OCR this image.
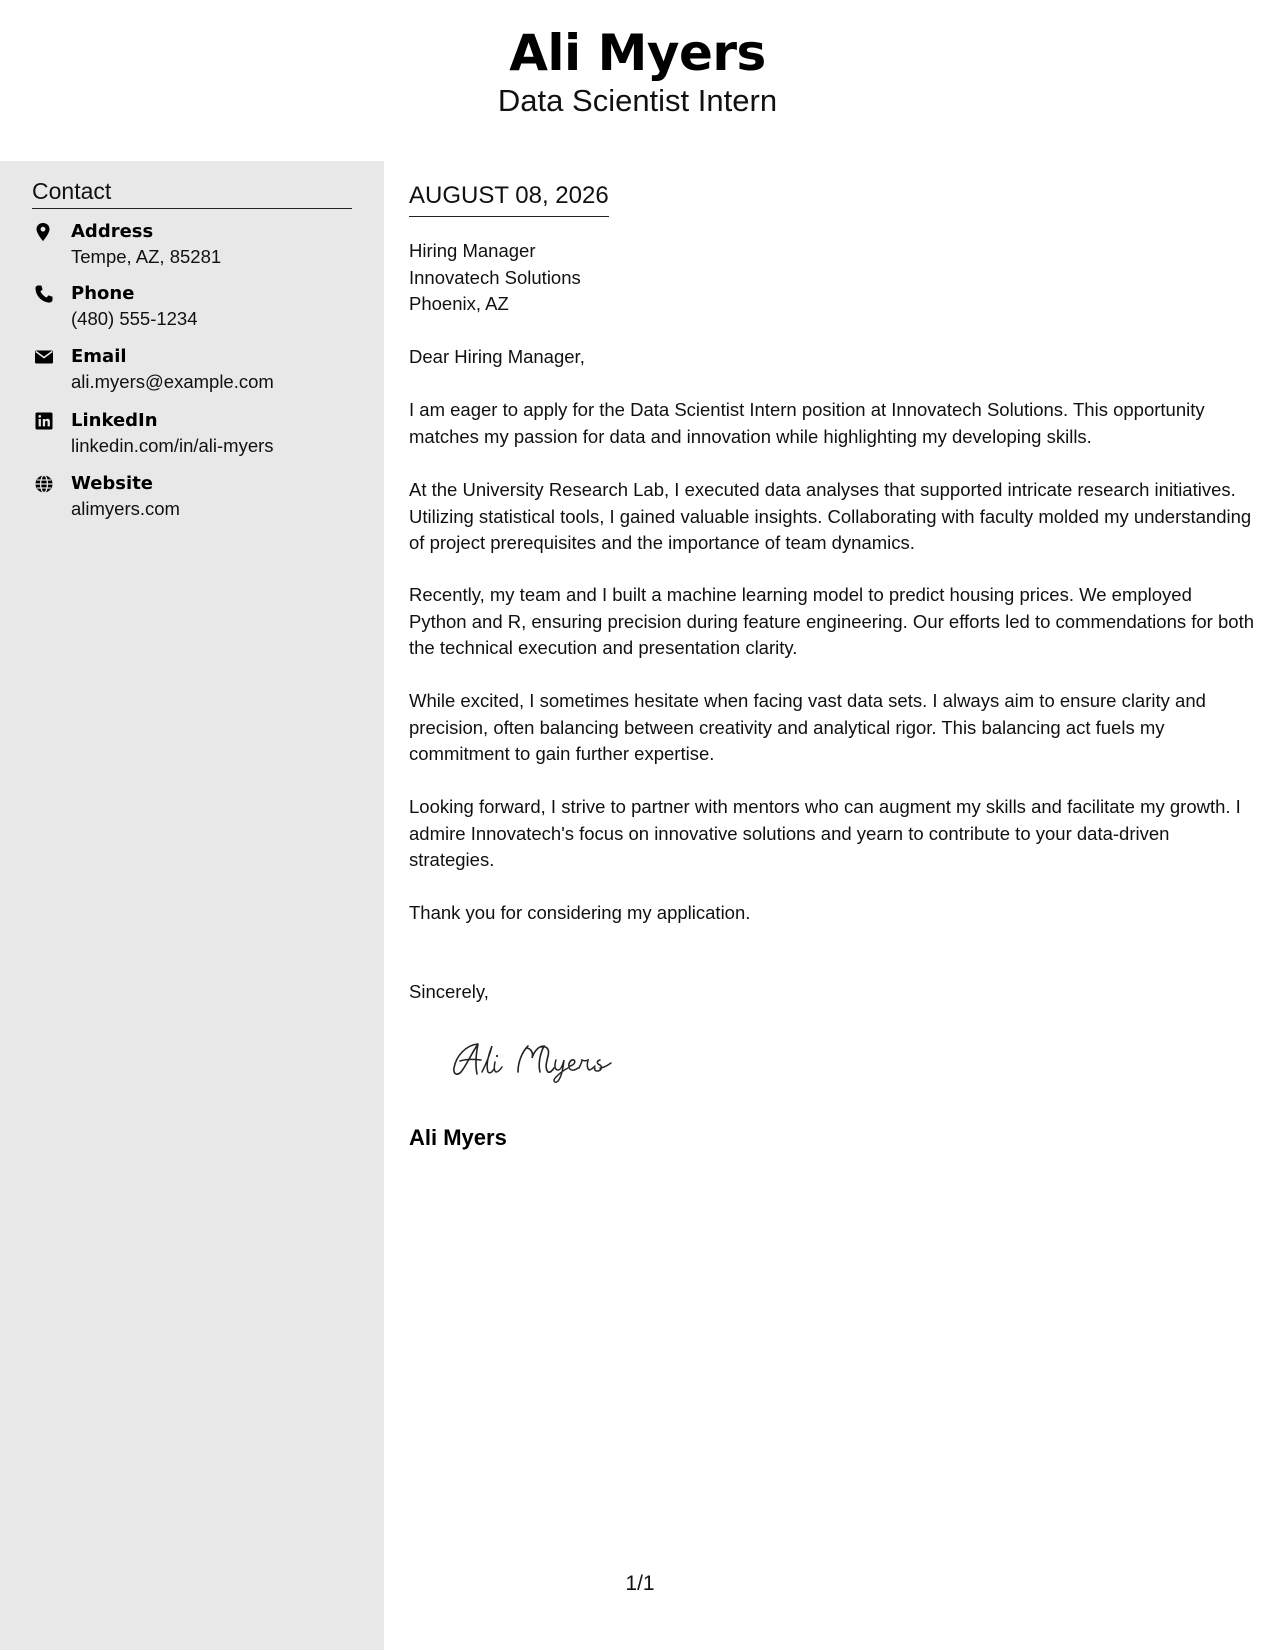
Ali Myers
Data Scientist Intern
Contact
Address
Tempe, AZ, 85281
Phone
(480) 555-1234
Email
ali.myers@example.com
LinkedIn
linkedin.com/in/ali-myers
Website
alimyers.com
AUGUST 08, 2026
Hiring Manager
Innovatech Solutions
Phoenix, AZ

Dear Hiring Manager,

I am eager to apply for the Data Scientist Intern position at Innovatech Solutions. This opportunity matches my passion for data and innovation while highlighting my developing skills.

At the University Research Lab, I executed data analyses that supported intricate research initiatives. Utilizing statistical tools, I gained valuable insights. Collaborating with faculty molded my understanding of project prerequisites and the importance of team dynamics.

Recently, my team and I built a machine learning model to predict housing prices. We employed Python and R, ensuring precision during feature engineering. Our efforts led to commendations for both the technical execution and presentation clarity.

While excited, I sometimes hesitate when facing vast data sets. I always aim to ensure clarity and precision, often balancing between creativity and analytical rigor. This balancing act fuels my commitment to gain further expertise.

Looking forward, I strive to partner with mentors who can augment my skills and facilitate my growth. I admire Innovatech's focus on innovative solutions and yearn to contribute to your data-driven strategies.

Thank you for considering my application.

Sincerely,

Ali Myers
1/1
